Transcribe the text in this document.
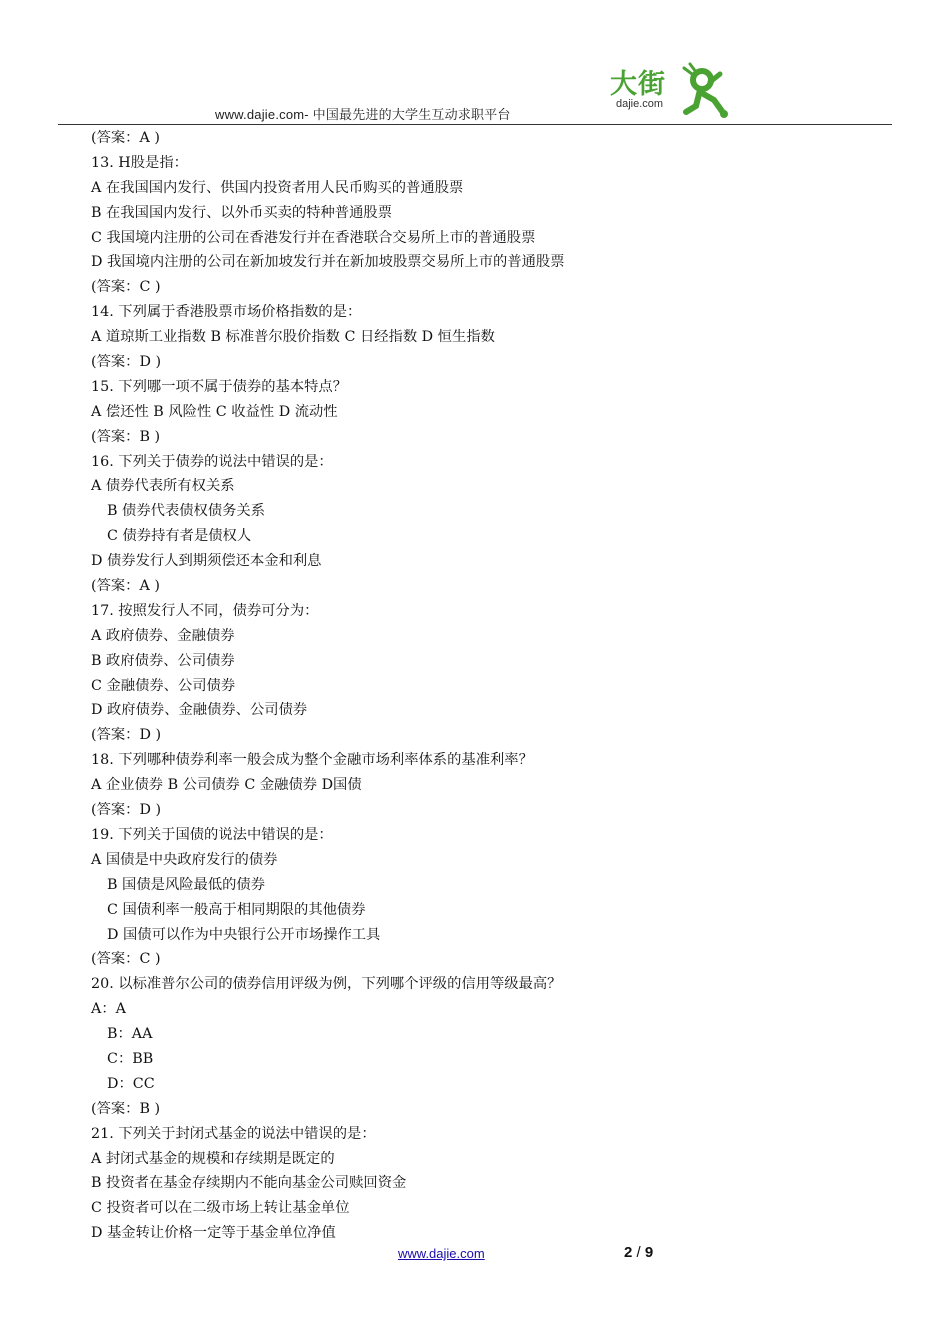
www.dajie.com- 中国最先进的大学生互动求职平台
大街
dajie.com
(答案：A )
13. H股是指：
A 在我国国内发行、供国内投资者用人民币购买的普通股票
B 在我国国内发行、以外币买卖的特种普通股票
C 我国境内注册的公司在香港发行并在香港联合交易所上市的普通股票
D 我国境内注册的公司在新加坡发行并在新加坡股票交易所上市的普通股票
(答案：C )
14. 下列属于香港股票市场价格指数的是：
A 道琼斯工业指数 B 标准普尔股价指数 C 日经指数 D 恒生指数
(答案：D )
15. 下列哪一项不属于债券的基本特点？
A 偿还性 B 风险性 C 收益性 D 流动性
(答案：B )
16. 下列关于债券的说法中错误的是：
A 债券代表所有权关系
B 债券代表债权债务关系
C 债券持有者是债权人
D 债券发行人到期须偿还本金和利息
(答案：A )
17. 按照发行人不同，债券可分为：
A 政府债券、金融债券
B 政府债券、公司债券
C 金融债券、公司债券
D 政府债券、金融债券、公司债券
(答案：D )
18. 下列哪种债券利率一般会成为整个金融市场利率体系的基准利率？
A 企业债券 B 公司债券 C 金融债券 D国债
(答案：D )
19. 下列关于国债的说法中错误的是：
A 国债是中央政府发行的债券
B 国债是风险最低的债券
C 国债利率一般高于相同期限的其他债券
D 国债可以作为中央银行公开市场操作工具
(答案：C )
20. 以标准普尔公司的债券信用评级为例，下列哪个评级的信用等级最高？
A：A
B：AA
C：BB
D：CC
(答案：B )
21. 下列关于封闭式基金的说法中错误的是：
A 封闭式基金的规模和存续期是既定的
B 投资者在基金存续期内不能向基金公司赎回资金
C 投资者可以在二级市场上转让基金单位
D 基金转让价格一定等于基金单位净值
www.dajie.com	2 / 9
